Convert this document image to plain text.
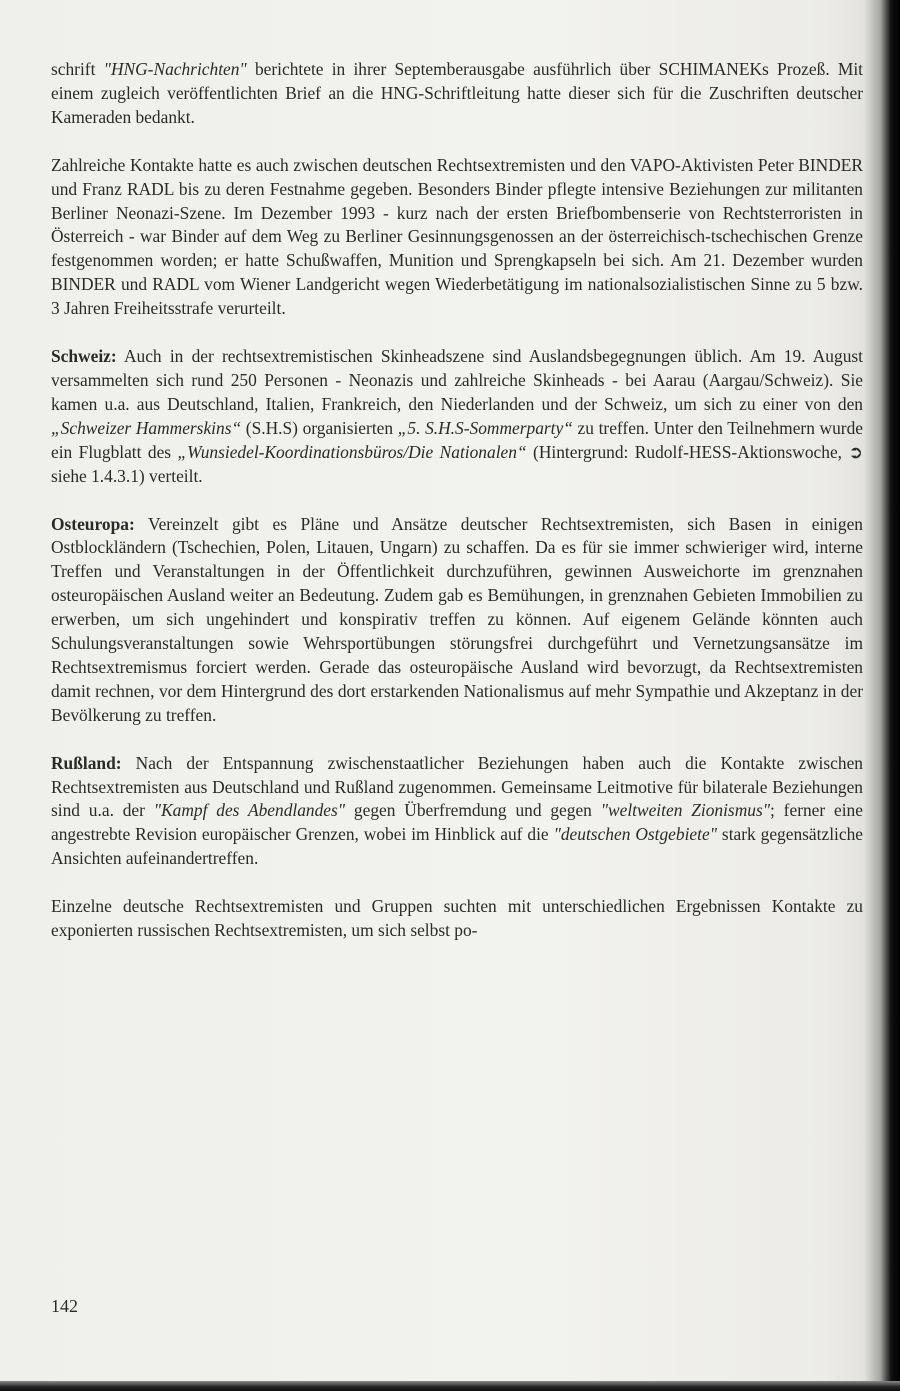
schrift "HNG-Nachrichten" berichtete in ihrer Septemberausgabe ausführlich über SCHIMANEKs Prozeß. Mit einem zugleich veröffentlichten Brief an die HNG-Schriftleitung hatte dieser sich für die Zuschriften deutscher Kameraden bedankt.

Zahlreiche Kontakte hatte es auch zwischen deutschen Rechtsextremisten und den VAPO-Aktivisten Peter BINDER und Franz RADL bis zu deren Festnahme gegeben. Besonders Binder pflegte intensive Beziehungen zur militanten Berliner Neonazi-Szene. Im Dezember 1993 - kurz nach der ersten Briefbombenserie von Rechtsterroristen in Österreich - war Binder auf dem Weg zu Berliner Gesinnungsgenossen an der österreichisch-tschechischen Grenze festgenommen worden; er hatte Schußwaffen, Munition und Sprengkapseln bei sich. Am 21. Dezember wurden BINDER und RADL vom Wiener Landgericht wegen Wiederbetätigung im nationalsozialistischen Sinne zu 5 bzw. 3 Jahren Freiheitsstrafe verurteilt.

Schweiz: Auch in der rechtsextremistischen Skinheadszene sind Auslandsbegegnungen üblich. Am 19. August versammelten sich rund 250 Personen - Neonazis und zahlreiche Skinheads - bei Aarau (Aargau/Schweiz). Sie kamen u.a. aus Deutschland, Italien, Frankreich, den Niederlanden und der Schweiz, um sich zu einer von den „Schweizer Hammerskins“ (S.H.S) organisierten „5. S.H.S-Sommerparty“ zu treffen. Unter den Teilnehmern wurde ein Flugblatt des „Wunsiedel-Koordinationsbüros/Die Nationalen“ (Hintergrund: Rudolf-HESS-Aktionswoche, ➲ siehe 1.4.3.1) verteilt.

Osteuropa: Vereinzelt gibt es Pläne und Ansätze deutscher Rechtsextremisten, sich Basen in einigen Ostblockländern (Tschechien, Polen, Litauen, Ungarn) zu schaffen. Da es für sie immer schwieriger wird, interne Treffen und Veranstaltungen in der Öffentlichkeit durchzuführen, gewinnen Ausweichorte im grenznahen osteuropäischen Ausland weiter an Bedeutung. Zudem gab es Bemühungen, in grenznahen Gebieten Immobilien zu erwerben, um sich ungehindert und konspirativ treffen zu können. Auf eigenem Gelände könnten auch Schulungsveranstaltungen sowie Wehrsportübungen störungsfrei durchgeführt und Vernetzungsansätze im Rechtsextremismus forciert werden. Gerade das osteuropäische Ausland wird bevorzugt, da Rechtsextremisten damit rechnen, vor dem Hintergrund des dort erstarkenden Nationalismus auf mehr Sympathie und Akzeptanz in der Bevölkerung zu treffen.

Rußland: Nach der Entspannung zwischenstaatlicher Beziehungen haben auch die Kontakte zwischen Rechtsextremisten aus Deutschland und Rußland zugenommen. Gemeinsame Leitmotive für bilaterale Beziehungen sind u.a. der "Kampf des Abendlandes" gegen Überfremdung und gegen "weltweiten Zionismus"; ferner eine angestrebte Revision europäischer Grenzen, wobei im Hinblick auf die "deutschen Ostgebiete" stark gegensätzliche Ansichten aufeinandertreffen.

Einzelne deutsche Rechtsextremisten und Gruppen suchten mit unterschiedlichen Ergebnissen Kontakte zu exponierten russischen Rechtsextremisten, um sich selbst po-

142
